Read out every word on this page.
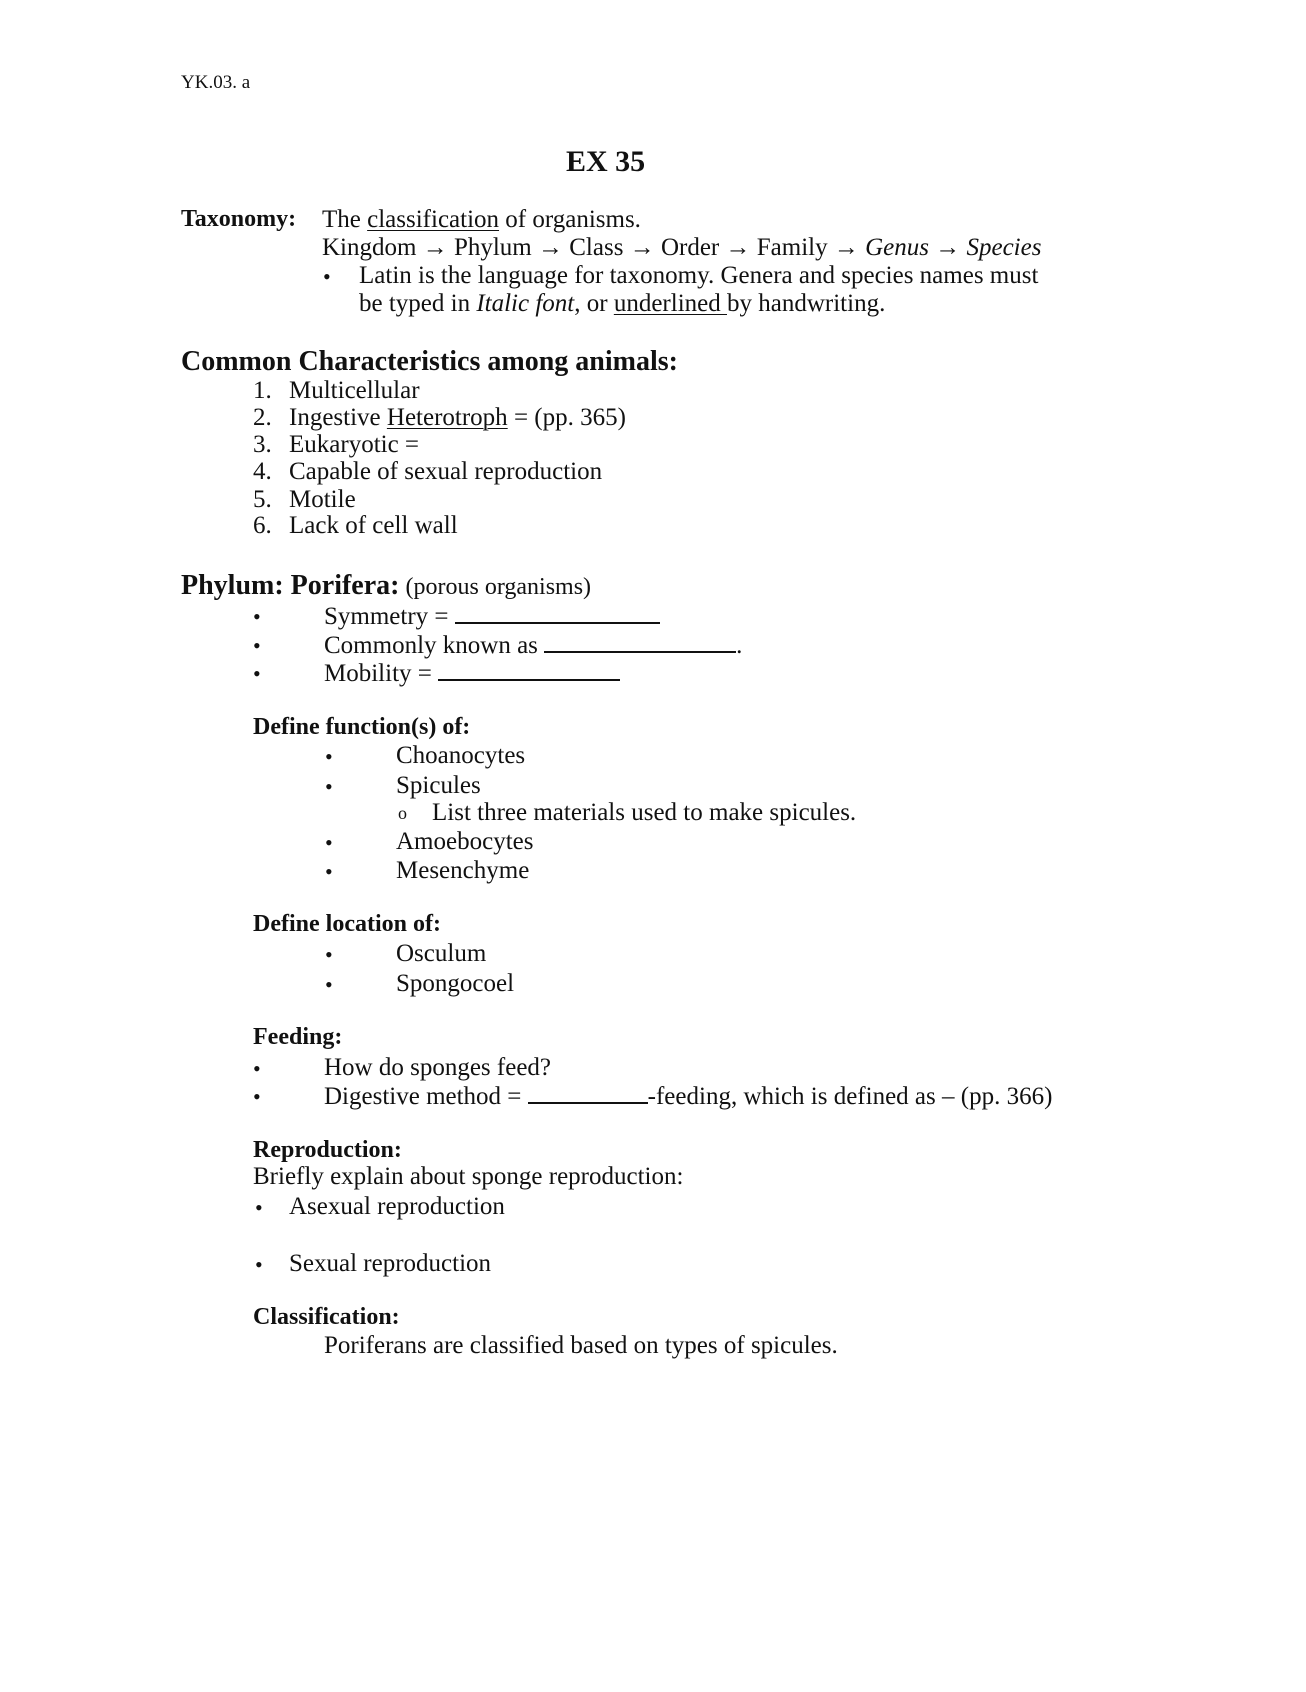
YK.03. a
EX 35
Taxonomy: The classification of organisms.
Kingdom → Phylum → Class → Order → Family → Genus → Species
• Latin is the language for taxonomy. Genera and species names must
be typed in Italic font, or underlined by handwriting.
Common Characteristics among animals:
1. Multicellular
2. Ingestive Heterotroph = (pp. 365)
3. Eukaryotic =
4. Capable of sexual reproduction
5. Motile
6. Lack of cell wall
Phylum: Porifera: (porous organisms)
•	Symmetry =
•	Commonly known as	.
•	Mobility =
Define function(s) of:
•	Choanocytes
•	Spicules
o List three materials used to make spicules.
•	Amoebocytes
•	Mesenchyme
Define location of:
•	Osculum
•	Spongocoel
Feeding:
•	How do sponges feed?
•	Digestive method =	-feeding, which is defined as – (pp. 366)
Reproduction:
Briefly explain about sponge reproduction:
• Asexual reproduction
• Sexual reproduction
Classification:
Poriferans are classified based on types of spicules.
